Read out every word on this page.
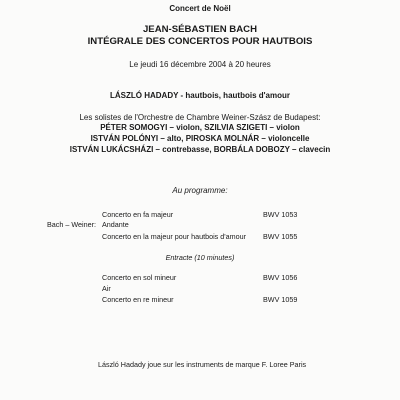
Concert de Noël
JEAN-SÉBASTIEN BACH
INTÉGRALE DES CONCERTOS POUR HAUTBOIS
Le jeudi 16 décembre 2004 à 20 heures
LÁSZLÓ HADADY - hautbois, hautbois d'amour
Les solistes de l'Orchestre de Chambre Weiner-Szász de Budapest:
PÉTER SOMOGYI – violon, SZILVIA SZIGETI – violon
ISTVÁN POLÓNYI – alto, PIROSKA MOLNÁR – violoncelle
ISTVÁN LUKÁCSHÁZI – contrebasse, BORBÁLA DOBOZY – clavecin
Au programme:
Concerto en fa majeur	BWV 1053
Bach – Weiner: Andante
Concerto en la majeur pour hautbois d'amour BWV 1055
Entracte (10 minutes)
Concerto en sol mineur	BWV 1056
Air
Concerto en re mineur	BWV 1059
László Hadady joue sur les instruments de marque F. Loree Paris
